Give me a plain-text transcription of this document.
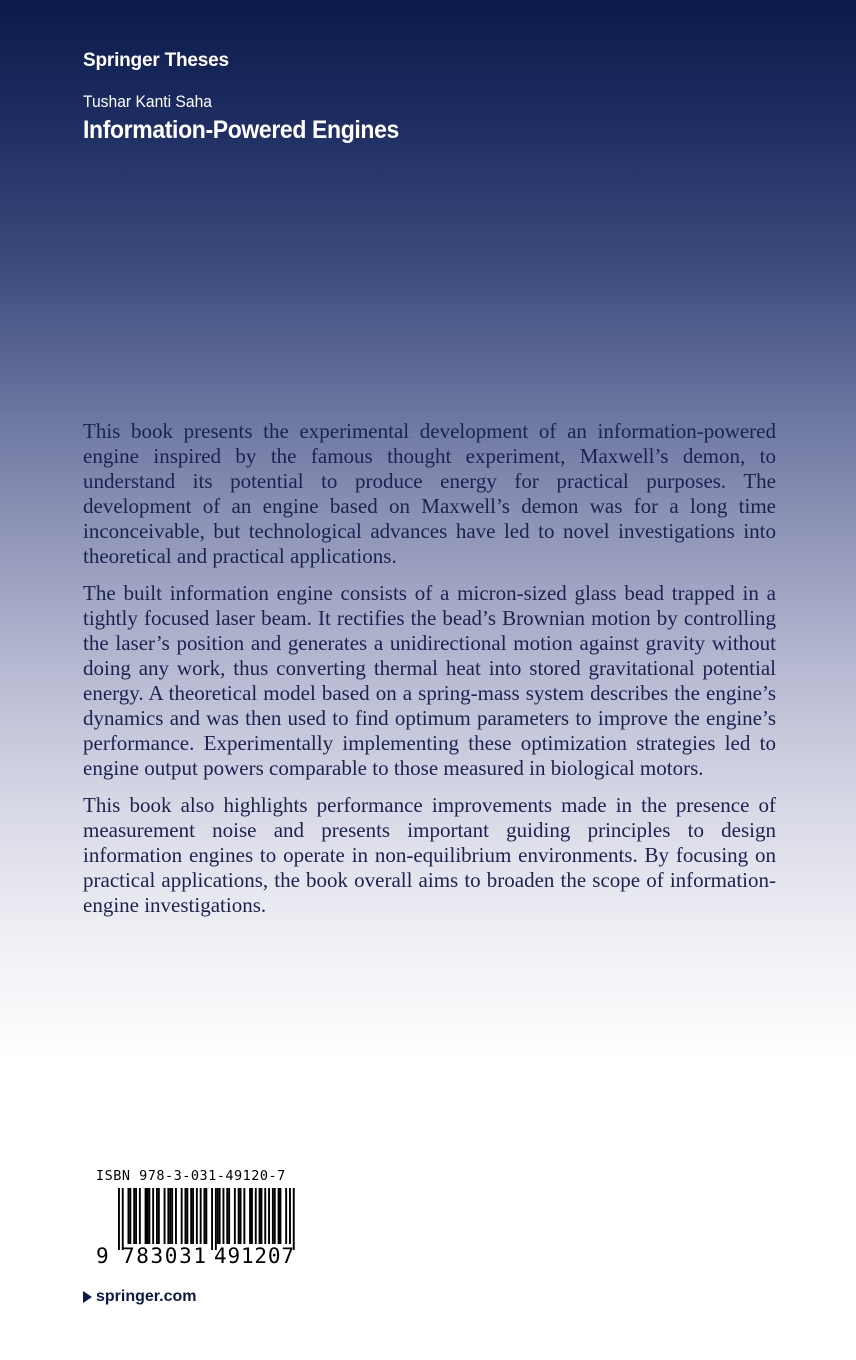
Springer Theses
Tushar Kanti Saha
Information-Powered Engines

This book presents the experimental development of an information-powered engine inspired by the famous thought experiment, Maxwell’s demon, to understand its potential to produce energy for practical purposes. The development of an engine based on Maxwell’s demon was for a long time inconceivable, but technological advances have led to novel investigations into theoretical and practical applications.

The built information engine consists of a micron-sized glass bead trapped in a tightly focused laser beam. It rectifies the bead’s Brownian motion by controlling the laser’s position and generates a unidirectional motion against gravity without doing any work, thus converting thermal heat into stored gravitational potential energy. A theoretical model based on a spring-mass system describes the engine’s dynamics and was then used to find optimum parameters to improve the engine’s performance. Experimentally implementing these optimization strategies led to engine output powers comparable to those measured in biological motors.

This book also highlights performance improvements made in the presence of measurement noise and presents important guiding principles to design information engines to operate in non-equilibrium environments. By focusing on practical applications, the book overall aims to broaden the scope of information-engine investigations.

ISBN 978-3-031-49120-7
9 783031 491207
springer.com
